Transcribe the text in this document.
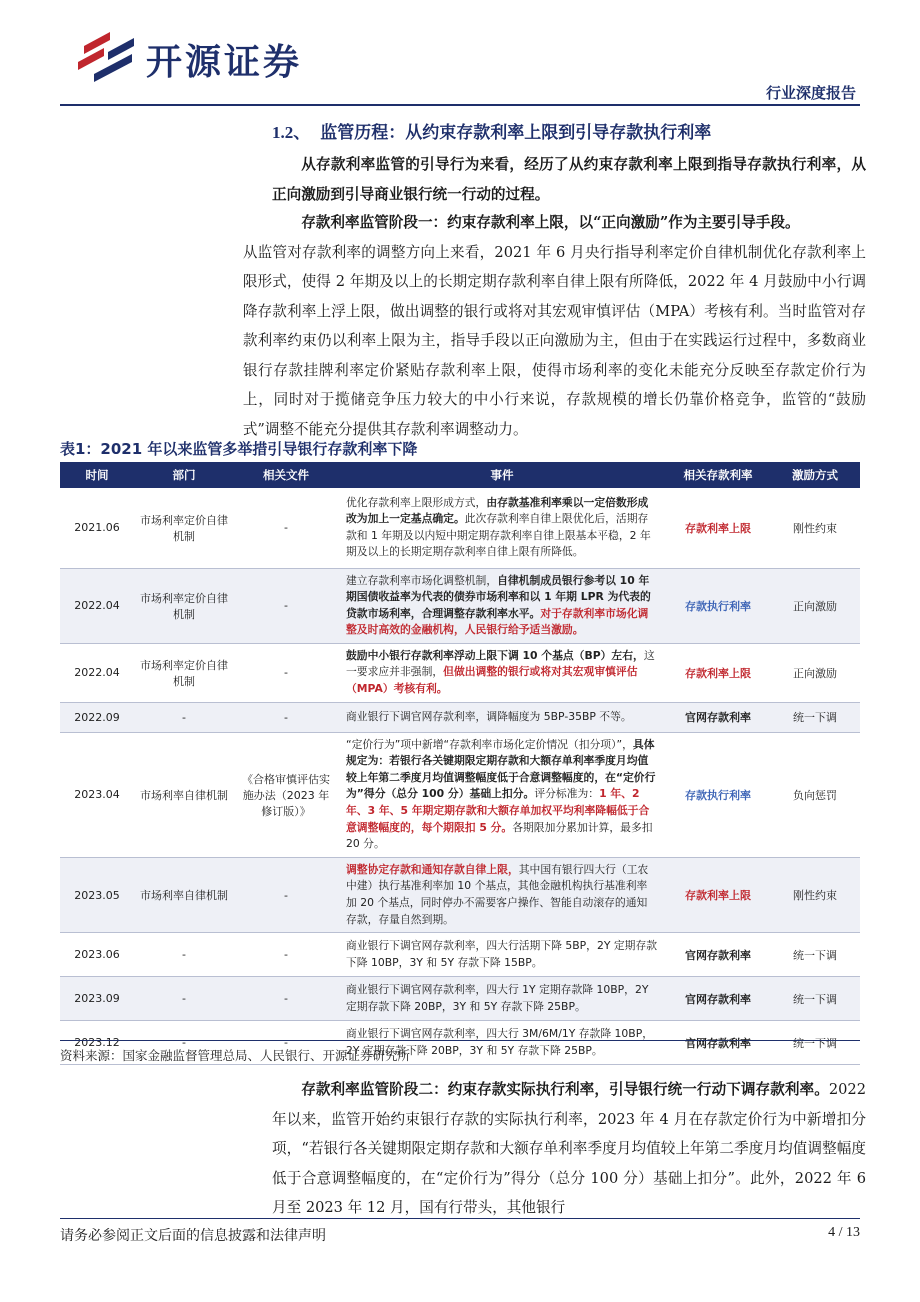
开源证券
行业深度报告
1.2、 监管历程：从约束存款利率上限到引导存款执行利率
从存款利率监管的引导行为来看，经历了从约束存款利率上限到指导存款执行利率，从正向激励到引导商业银行统一行动的过程。
存款利率监管阶段一：约束存款利率上限，以“正向激励”作为主要引导手段。
从监管对存款利率的调整方向上来看，2021 年 6 月央行指导利率定价自律机制优化存款利率上限形式，使得 2 年期及以上的长期定期存款利率自律上限有所降低，2022 年 4 月鼓励中小行调降存款利率上浮上限，做出调整的银行或将对其宏观审慎评估（MPA）考核有利。当时监管对存款利率约束仍以利率上限为主，指导手段以正向激励为主，但由于在实践运行过程中，多数商业银行存款挂牌利率定价紧贴存款利率上限，使得市场利率的变化未能充分反映至存款定价行为上，同时对于揽储竞争压力较大的中小行来说，存款规模的增长仍靠价格竞争，监管的“鼓励式”调整不能充分提供其存款利率调整动力。
表1：2021 年以来监管多举措引导银行存款利率下降
时间	部门	相关文件	事件	相关存款利率	激励方式
2021.06	市场利率定价自律机制	-	优化存款利率上限形成方式，由存款基准利率乘以一定倍数形成改为加上一定基点确定。此次存款利率自律上限优化后，活期存款和 1 年期及以内短中期定期存款利率自律上限基本平稳，2 年期及以上的长期定期存款利率自律上限有所降低。	存款利率上限	刚性约束
2022.04	市场利率定价自律机制	-	建立存款利率市场化调整机制，自律机制成员银行参考以 10 年期国债收益率为代表的债券市场利率和以 1 年期 LPR 为代表的贷款市场利率，合理调整存款利率水平。对于存款利率市场化调整及时高效的金融机构，人民银行给予适当激励。	存款执行利率	正向激励
2022.04	市场利率定价自律机制	-	鼓励中小银行存款利率浮动上限下调 10 个基点（BP）左右，这一要求应并非强制，但做出调整的银行或将对其宏观审慎评估（MPA）考核有利。	存款利率上限	正向激励
2022.09	-	-	商业银行下调官网存款利率，调降幅度为 5BP-35BP 不等。	官网存款利率	统一下调
2023.04	市场利率自律机制	《合格审慎评估实施办法（2023 年修订版）》	“定价行为”项中新增“存款利率市场化定价情况（扣分项）”，具体规定为：若银行各关键期限定期存款和大额存单利率季度月均值较上年第二季度月均值调整幅度低于合意调整幅度的，在“定价行为”得分（总分 100 分）基础上扣分。评分标准为：1 年、2 年、3 年、5 年期定期存款和大额存单加权平均利率降幅低于合意调整幅度的，每个期限扣 5 分。各期限加分累加计算，最多扣 20 分。	存款执行利率	负向惩罚
2023.05	市场利率自律机制	-	调整协定存款和通知存款自律上限，其中国有银行四大行（工农中建）执行基准利率加 10 个基点，其他金融机构执行基准利率加 20 个基点，同时停办不需要客户操作、智能自动滚存的通知存款，存量自然到期。	存款利率上限	刚性约束
2023.06	-	-	商业银行下调官网存款利率，四大行活期下降 5BP，2Y 定期存款下降 10BP，3Y 和 5Y 存款下降 15BP。	官网存款利率	统一下调
2023.09	-	-	商业银行下调官网存款利率，四大行 1Y 定期存款降 10BP，2Y 定期存款下降 20BP，3Y 和 5Y 存款下降 25BP。	官网存款利率	统一下调
2023.12	-	-	商业银行下调官网存款利率，四大行 3M/6M/1Y 存款降 10BP，2Y 定期存款下降 20BP，3Y 和 5Y 存款下降 25BP。	官网存款利率	统一下调
资料来源：国家金融监督管理总局、人民银行、开源证券研究所
存款利率监管阶段二：约束存款实际执行利率，引导银行统一行动下调存款利率。2022 年以来，监管开始约束银行存款的实际执行利率，2023 年 4 月在存款定价行为中新增扣分项，“若银行各关键期限定期存款和大额存单利率季度月均值较上年第二季度月均值调整幅度低于合意调整幅度的，在“定价行为”得分（总分 100 分）基础上扣分”。此外，2022 年 6 月至 2023 年 12 月，国有行带头，其他银行
请务必参阅正文后面的信息披露和法律声明	4 / 13
